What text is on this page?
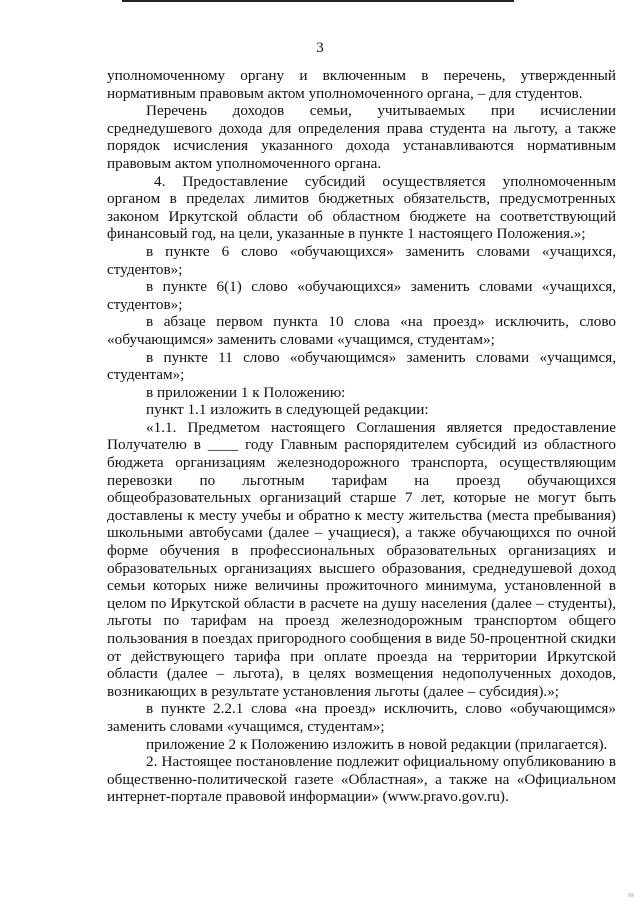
3

уполномоченному органу и включенным в перечень, утвержденный нормативным правовым актом уполномоченного органа, – для студентов.

Перечень доходов семьи, учитываемых при исчислении среднедушевого дохода для определения права студента на льготу, а также порядок исчисления указанного дохода устанавливаются нормативным правовым актом уполномоченного органа.

4. Предоставление субсидий осуществляется уполномоченным органом в пределах лимитов бюджетных обязательств, предусмотренных законом Иркутской области об областном бюджете на соответствующий финансовый год, на цели, указанные в пункте 1 настоящего Положения.»;

в пункте 6 слово «обучающихся» заменить словами «учащихся, студентов»;

в пункте 6(1) слово «обучающихся» заменить словами «учащихся, студентов»;

в абзаце первом пункта 10 слова «на проезд» исключить, слово «обучающимся» заменить словами «учащимся, студентам»;

в пункте 11 слово «обучающимся» заменить словами «учащимся, студентам»;

в приложении 1 к Положению:

пункт 1.1 изложить в следующей редакции:

«1.1. Предметом настоящего Соглашения является предоставление Получателю в ____ году Главным распорядителем субсидий из областного бюджета организациям железнодорожного транспорта, осуществляющим перевозки по льготным тарифам на проезд обучающихся общеобразовательных организаций старше 7 лет, которые не могут быть доставлены к месту учебы и обратно к месту жительства (места пребывания) школьными автобусами (далее – учащиеся), а также обучающихся по очной форме обучения в профессиональных образовательных организациях и образовательных организациях высшего образования, среднедушевой доход семьи которых ниже величины прожиточного минимума, установленной в целом по Иркутской области в расчете на душу населения (далее – студенты), льготы по тарифам на проезд железнодорожным транспортом общего пользования в поездах пригородного сообщения в виде 50-процентной скидки от действующего тарифа при оплате проезда на территории Иркутской области (далее – льгота), в целях возмещения недополученных доходов, возникающих в результате установления льготы (далее – субсидия).»;

в пункте 2.2.1 слова «на проезд» исключить, слово «обучающимся» заменить словами «учащимся, студентам»;

приложение 2 к Положению изложить в новой редакции (прилагается).

2. Настоящее постановление подлежит официальному опубликованию в общественно-политической газете «Областная», а также на «Официальном интернет-портале правовой информации» (www.pravo.gov.ru).
